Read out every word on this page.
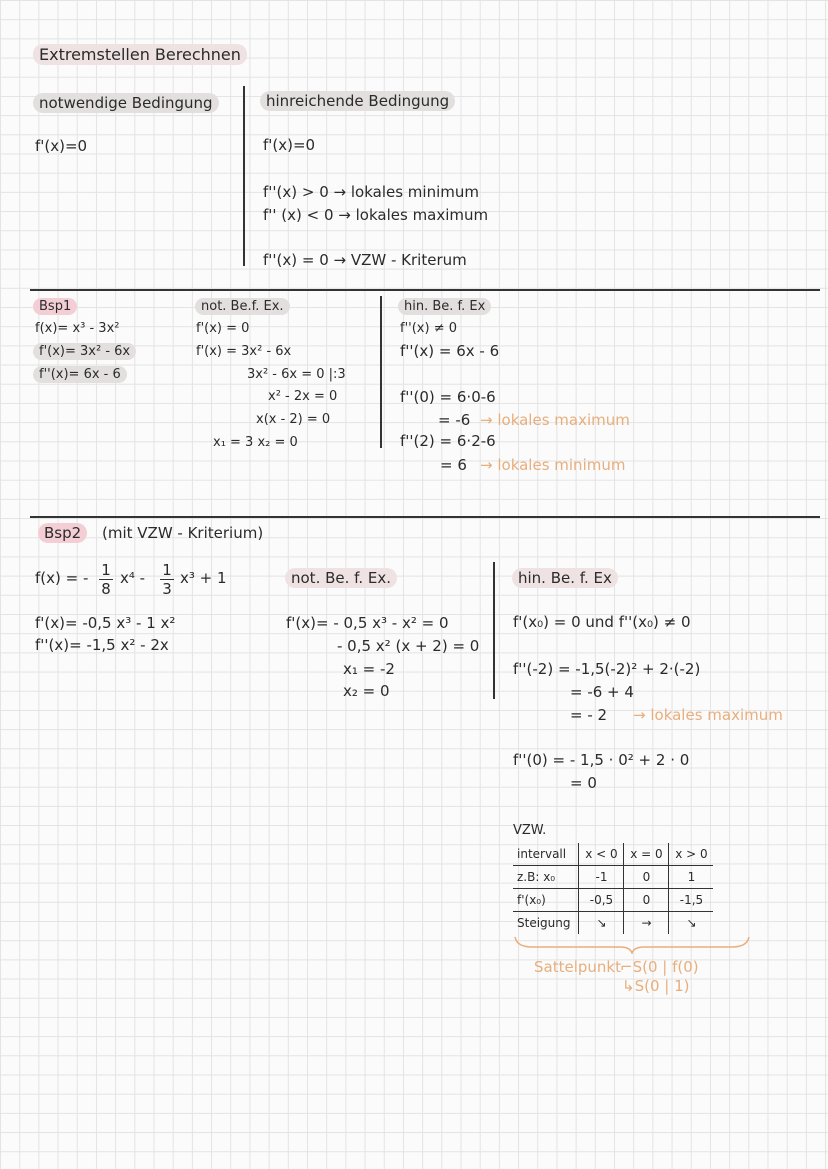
Extremstellen Berechnen
notwendige Bedingung
f'(x)=0
hinreichende Bedingung
f'(x)=0
f''(x) > 0 → lokales minimum
f'' (x) < 0 → lokales maximum
f''(x) = 0 → VZW - Kriterum
Bsp1
f(x)= x³ - 3x²
f'(x)= 3x² - 6x
f''(x)= 6x - 6
not. Be.f. Ex.
f'(x) = 0
f'(x) = 3x² - 6x
3x² - 6x = 0 |:3
x² - 2x = 0
x(x - 2) = 0
x₁ = 3 x₂ = 0
hin. Be. f. Ex
f''(x) ≠ 0
f''(x) = 6x - 6
f''(0) = 6·0-6
= -6 → lokales maximum
f''(2) = 6·2-6
= 6 → lokales minimum
Bsp2	(mit VZW - Kriterium)
f(x) = - 1
8
x⁴ - 1
3
x³ + 1
f'(x)= -0,5 x³ - 1 x²
f''(x)= -1,5 x² - 2x
not. Be. f. Ex.
f'(x)= - 0,5 x³ - x² = 0
- 0,5 x² (x + 2) = 0
x₁ = -2
x₂ = 0
hin. Be. f. Ex
f'(x₀) = 0 und f''(x₀) ≠ 0
f''(-2) = -1,5(-2)² + 2·(-2)
= -6 + 4
= - 2 → lokales maximum
f''(0) = - 1,5 · 0² + 2 · 0
= 0
VZW.
intervall	x < 0	x = 0	x > 0
z.B: x₀	-1	0	1
f'(x₀)	-0,5	0	-1,5
Steigung	↘	→	↘
Sattelpunkt ⌐S(0 | f(0)
↳S(0 | 1)
